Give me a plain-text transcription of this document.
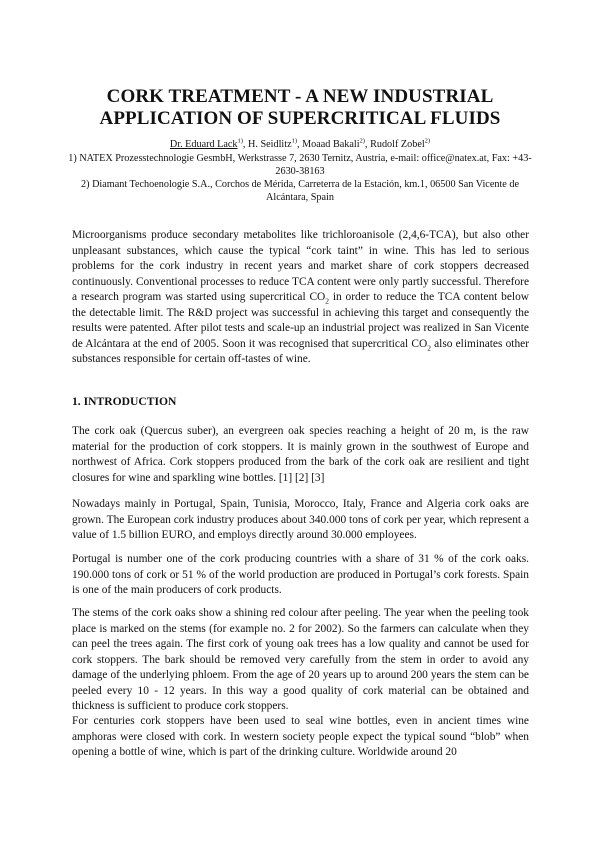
CORK TREATMENT - A NEW INDUSTRIAL
APPLICATION OF SUPERCRITICAL FLUIDS
Dr. Eduard Lack$^{1)}$, H. Seidlitz$^{1)}$, Moaad Bakali$^{2)}$, Rudolf Zobel$^{2)}$
1) NATEX Prozesstechnologie GesmbH, Werkstrasse 7, 2630 Ternitz, Austria, e-mail: office@natex.at, Fax: +43-2630-38163
2) Diamant Techoenologie S.A., Corchos de Mérida, Carreterra de la Estación, km.1, 06500 San Vicente de Alcántara, Spain
Microorganisms produce secondary metabolites like trichloroanisole (2,4,6-TCA), but also other unpleasant substances, which cause the typical “cork taint” in wine. This has led to serious problems for the cork industry in recent years and market share of cork stoppers decreased continuously. Conventional processes to reduce TCA content were only partly successful. Therefore a research program was started using supercritical $CO_2$ in order to reduce the TCA content below the detectable limit. The R&D project was successful in achieving this target and consequently the results were patented. After pilot tests and scale-up an industrial project was realized in San Vicente de Alcántara at the end of 2005. Soon it was recognised that supercritical $CO_2$ also eliminates other substances responsible for certain off-tastes of wine.
1. INTRODUCTION
The cork oak (Quercus suber), an evergreen oak species reaching a height of 20 m, is the raw material for the production of cork stoppers. It is mainly grown in the southwest of Europe and northwest of Africa. Cork stoppers produced from the bark of the cork oak are resilient and tight closures for wine and sparkling wine bottles. [1] [2] [3]
Nowadays mainly in Portugal, Spain, Tunisia, Morocco, Italy, France and Algeria cork oaks are grown. The European cork industry produces about 340.000 tons of cork per year, which represent a value of 1.5 billion EURO, and employs directly around 30.000 employees.
Portugal is number one of the cork producing countries with a share of 31 % of the cork oaks. 190.000 tons of cork or 51 % of the world production are produced in Portugal’s cork forests. Spain is one of the main producers of cork products.
The stems of the cork oaks show a shining red colour after peeling. The year when the peeling took place is marked on the stems (for example no. 2 for 2002). So the farmers can calculate when they can peel the trees again. The first cork of young oak trees has a low quality and cannot be used for cork stoppers. The bark should be removed very carefully from the stem in order to avoid any damage of the underlying phloem. From the age of 20 years up to around 200 years the stem can be peeled every 10 - 12 years. In this way a good quality of cork material can be obtained and thickness is sufficient to produce cork stoppers.
For centuries cork stoppers have been used to seal wine bottles, even in ancient times wine amphoras were closed with cork. In western society people expect the typical sound “blob” when opening a bottle of wine, which is part of the drinking culture. Worldwide around 20
